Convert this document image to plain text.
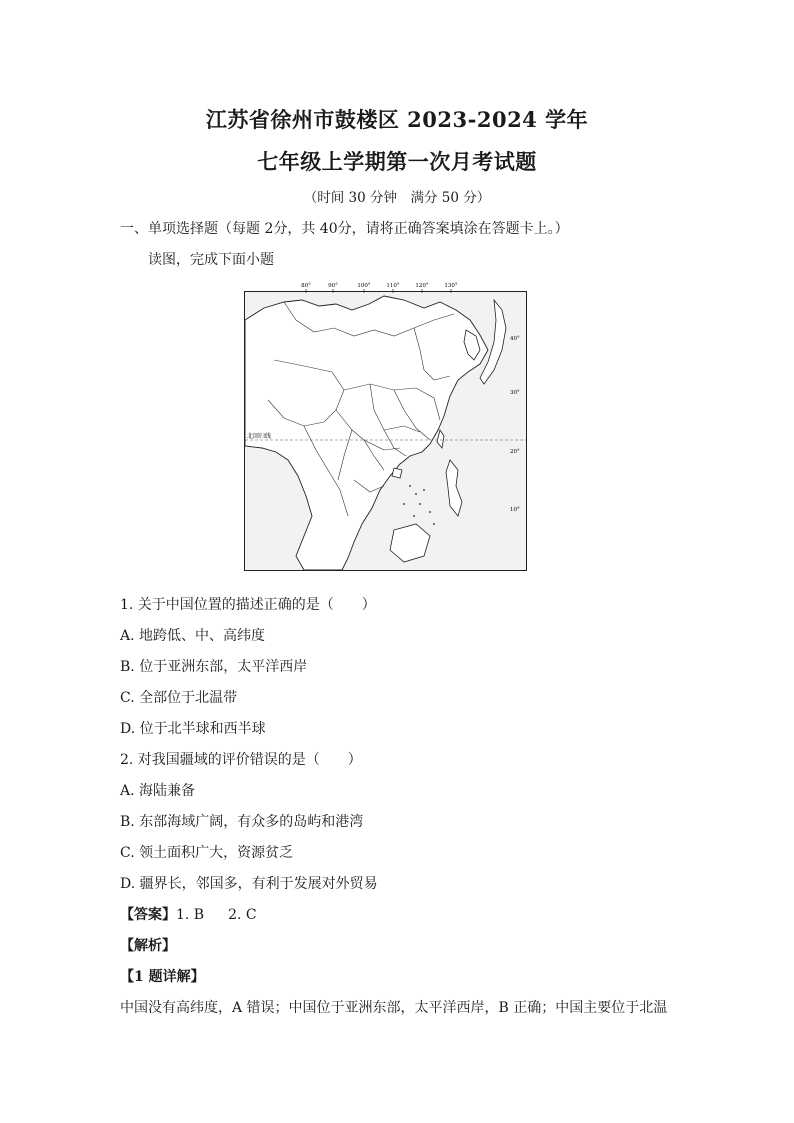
江苏省徐州市鼓楼区 2023-2024 学年
七年级上学期第一次月考试题
（时间 30 分钟　满分 50 分）
一、单项选择题（每题 2分，共 40分，请将正确答案填涂在答题卡上。）
读图，完成下面小题
80°	90°	100°	110°	120°	130°
40°
30°
20°
10°
北回归线
1. 关于中国位置的描述正确的是（　　）
A. 地跨低、中、高纬度
B. 位于亚洲东部，太平洋西岸
C. 全部位于北温带
D. 位于北半球和西半球
2. 对我国疆域的评价错误的是（　　）
A. 海陆兼备
B. 东部海域广阔，有众多的岛屿和港湾
C. 领土面积广大，资源贫乏
D. 疆界长，邻国多，有利于发展对外贸易
【答案】1. B 2. C
【解析】
【1 题详解】
中国没有高纬度，A 错误；中国位于亚洲东部，太平洋西岸，B 正确；中国主要位于北温
